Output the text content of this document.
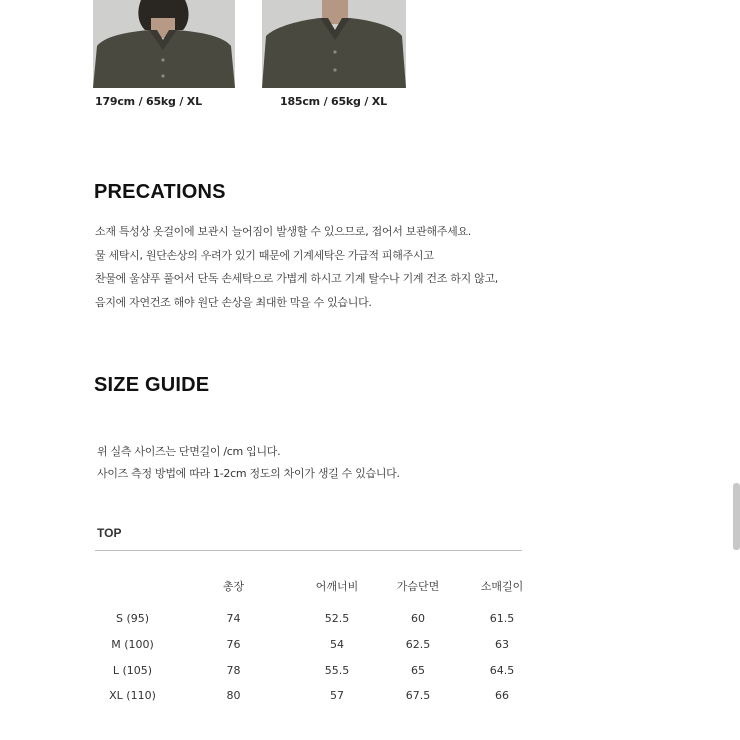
179cm / 65kg / XL	185cm / 65kg / XL
PRECATIONS
소재 특성상 옷걸이에 보관시 늘어짐이 발생할 수 있으므로, 접어서 보관해주세요.
물 세탁시, 원단손상의 우려가 있기 때문에 기계세탁은 가급적 피해주시고
찬물에 울샴푸 풀어서 단독 손세탁으로 가볍게 하시고 기계 탈수나 기계 건조 하지 않고,
음지에 자연건조 해야 원단 손상을 최대한 막을 수 있습니다.
SIZE GUIDE
위 실측 사이즈는 단면길이 /cm 입니다.
사이즈 측정 방법에 따라 1-2cm 정도의 차이가 생길 수 있습니다.
TOP
	총장	어깨너비	가슴단면	소매길이
S (95)	74	52.5	60	61.5
M (100)	76	54	62.5	63
L (105)	78	55.5	65	64.5
XL (110)	80	57	67.5	66
